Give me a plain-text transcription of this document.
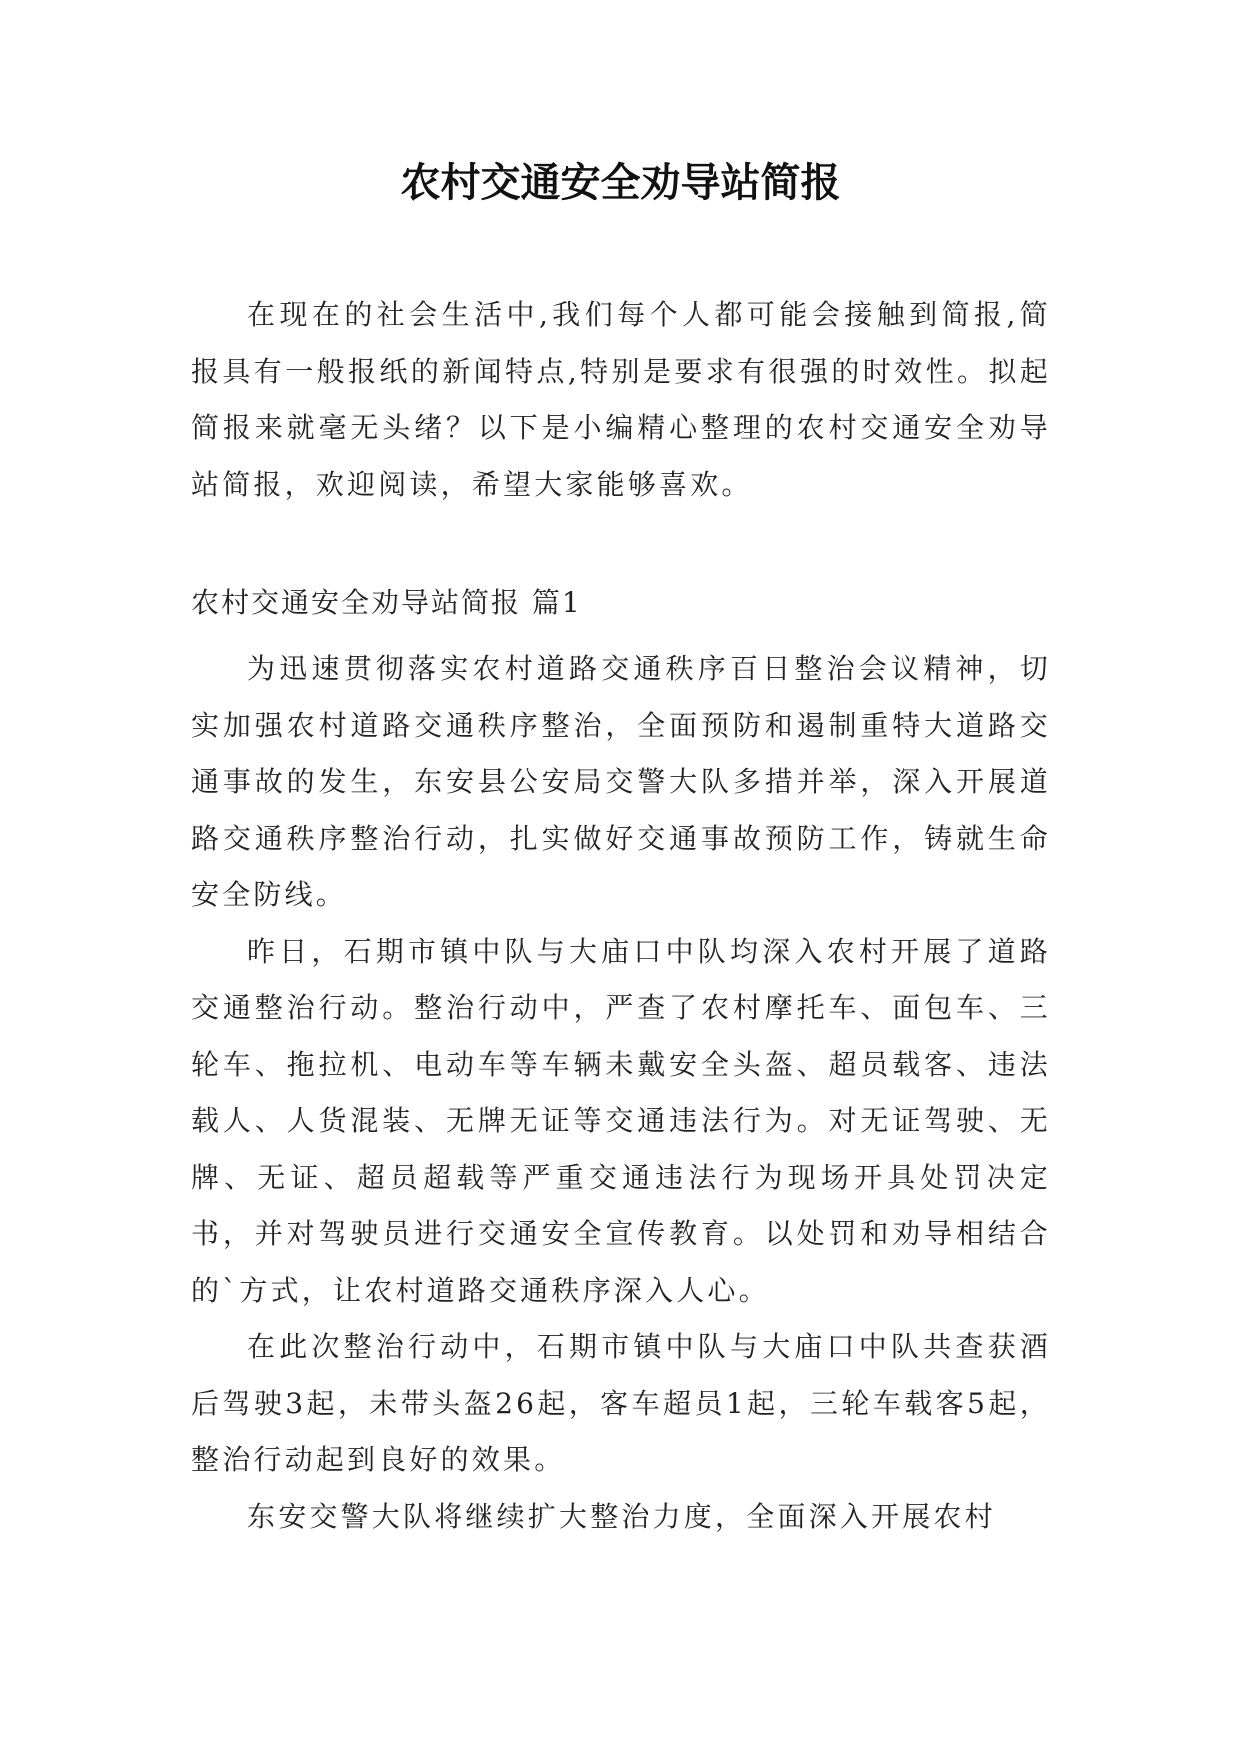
农村交通安全劝导站简报

在现在的社会生活中,我们每个人都可能会接触到简报,简报具有一般报纸的新闻特点,特别是要求有很强的时效性。拟起简报来就毫无头绪？以下是小编精心整理的农村交通安全劝导站简报，欢迎阅读，希望大家能够喜欢。

农村交通安全劝导站简报 篇1

为迅速贯彻落实农村道路交通秩序百日整治会议精神，切实加强农村道路交通秩序整治，全面预防和遏制重特大道路交通事故的发生，东安县公安局交警大队多措并举，深入开展道路交通秩序整治行动，扎实做好交通事故预防工作，铸就生命安全防线。

昨日，石期市镇中队与大庙口中队均深入农村开展了道路交通整治行动。整治行动中，严查了农村摩托车、面包车、三轮车、拖拉机、电动车等车辆未戴安全头盔、超员载客、违法载人、人货混装、无牌无证等交通违法行为。对无证驾驶、无牌、无证、超员超载等严重交通违法行为现场开具处罚决定书，并对驾驶员进行交通安全宣传教育。以处罚和劝导相结合的`方式，让农村道路交通秩序深入人心。

在此次整治行动中，石期市镇中队与大庙口中队共查获酒后驾驶3起，未带头盔26起，客车超员1起，三轮车载客5起，整治行动起到良好的效果。

东安交警大队将继续扩大整治力度，全面深入开展农村
